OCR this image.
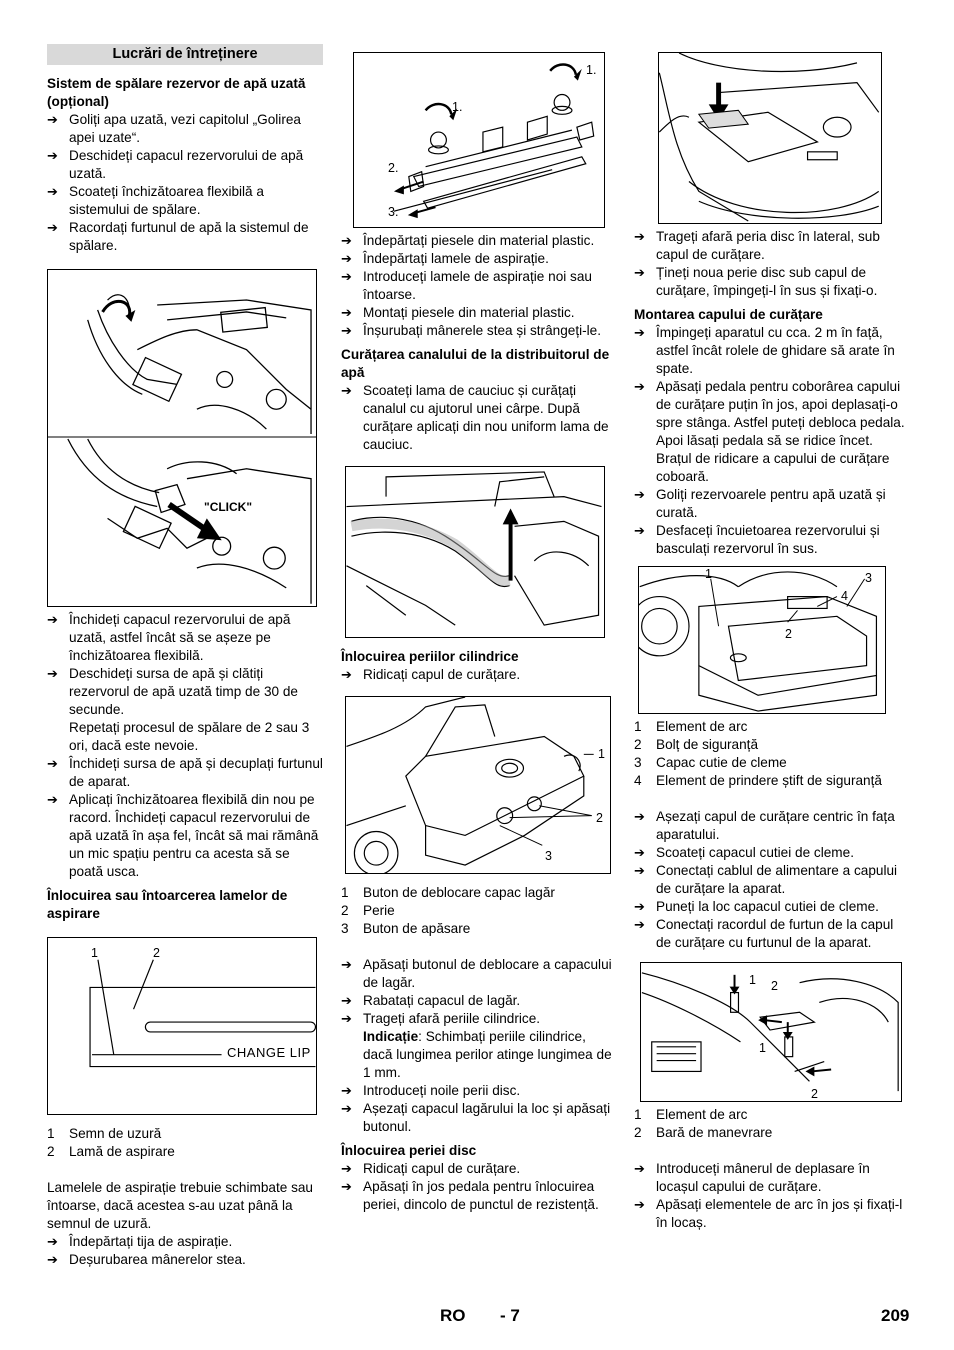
Lucrări de întreținere
Sistem de spălare rezervor de apă uzată (opțional)
➔ Goliți apa uzată, vezi capitolul „Golirea apei uzate“.
➔ Deschideți capacul rezervorului de apă uzată.
➔ Scoateți închizătoarea flexibilă a sistemului de spălare.
➔ Racordați furtunul de apă la sistemul de spălare.
"CLICK"
➔ Închideți capacul rezervorului de apă uzată, astfel încât să se așeze pe închizătoarea flexibilă.
➔ Deschideți sursa de apă și clătiți rezervorul de apă uzată timp de 30 de secunde.
Repetați procesul de spălare de 2 sau 3 ori, dacă este nevoie.
➔ Închideți sursa de apă și decuplați furtunul de aparat.
➔ Aplicați închizătoarea flexibilă din nou pe racord. Închideți capacul rezervorului de apă uzată în așa fel, încât să mai rămână un mic spațiu pentru ca acesta să se poată usca.
Înlocuirea sau întoarcerea lamelor de aspirare
1	2
CHANGE LIP
1 Semn de uzură
2 Lamă de aspirare
Lamelele de aspirație trebuie schimbate sau întoarse, dacă acestea s-au uzat până la semnul de uzură.
➔ Îndepărtați tija de aspirație.
➔ Deșurubarea mânerelor stea.
1.
1.
2.
3.
➔ Îndepărtați piesele din material plastic.
➔ Îndepărtați lamele de aspirație.
➔ Introduceți lamele de aspirație noi sau întoarse.
➔ Montați piesele din material plastic.
➔ Înșurubați mânerele stea și strângeți-le.
Curățarea canalului de la distribuitorul de apă
➔ Scoateți lama de cauciuc și curățați canalul cu ajutorul unei cârpe. După curățare aplicați din nou uniform lama de cauciuc.
Înlocuirea periilor cilindrice
➔ Ridicați capul de curățare.
1
2
3
1 Buton de deblocare capac lagăr
2 Perie
3 Buton de apăsare
➔ Apăsați butonul de deblocare a capacului de lagăr.
➔ Rabatați capacul de lagăr.
➔ Trageți afară periile cilindrice.
Indicație: Schimbați periile cilindrice, dacă lungimea perilor atinge lungimea de 1 mm.
➔ Introduceți noile perii disc.
➔ Așezați capacul lagărului la loc și apăsați butonul.
Înlocuirea periei disc
➔ Ridicați capul de curățare.
➔ Apăsați în jos pedala pentru înlocuirea periei, dincolo de punctul de rezistență.
➔ Trageți afară peria disc în lateral, sub capul de curățare.
➔ Țineți noua perie disc sub capul de curățare, împingeți-l în sus și fixați-o.
Montarea capului de curățare
➔ Împingeți aparatul cu cca. 2 m în față, astfel încât rolele de ghidare să arate în spate.
➔ Apăsați pedala pentru coborârea capului de curățare puțin în jos, apoi deplasați-o spre stânga. Astfel puteți debloca pedala. Apoi lăsați pedala să se ridice încet.
Brațul de ridicare a capului de curățare coboară.
➔ Goliți rezervoarele pentru apă uzată și curată.
➔ Desfaceți încuietoarea rezervorului și basculați rezervorul în sus.
1
2
3
4
1 Element de arc
2 Bolț de siguranță
3 Capac cutie de cleme
4 Element de prindere știft de siguranță
➔ Așezați capul de curățare centric în fața aparatului.
➔ Scoateți capacul cutiei de cleme.
➔ Conectați cablul de alimentare a capului de curățare la aparat.
➔ Puneți la loc capacul cutiei de cleme.
➔ Conectați racordul de furtun de la capul de curățare cu furtunul de la aparat.
1 2
1
2
1 Element de arc
2 Bară de manevrare
➔ Introduceți mânerul de deplasare în locașul capului de curățare.
➔ Apăsați elementele de arc în jos și fixați-l în locaș.
RO - 7	209
